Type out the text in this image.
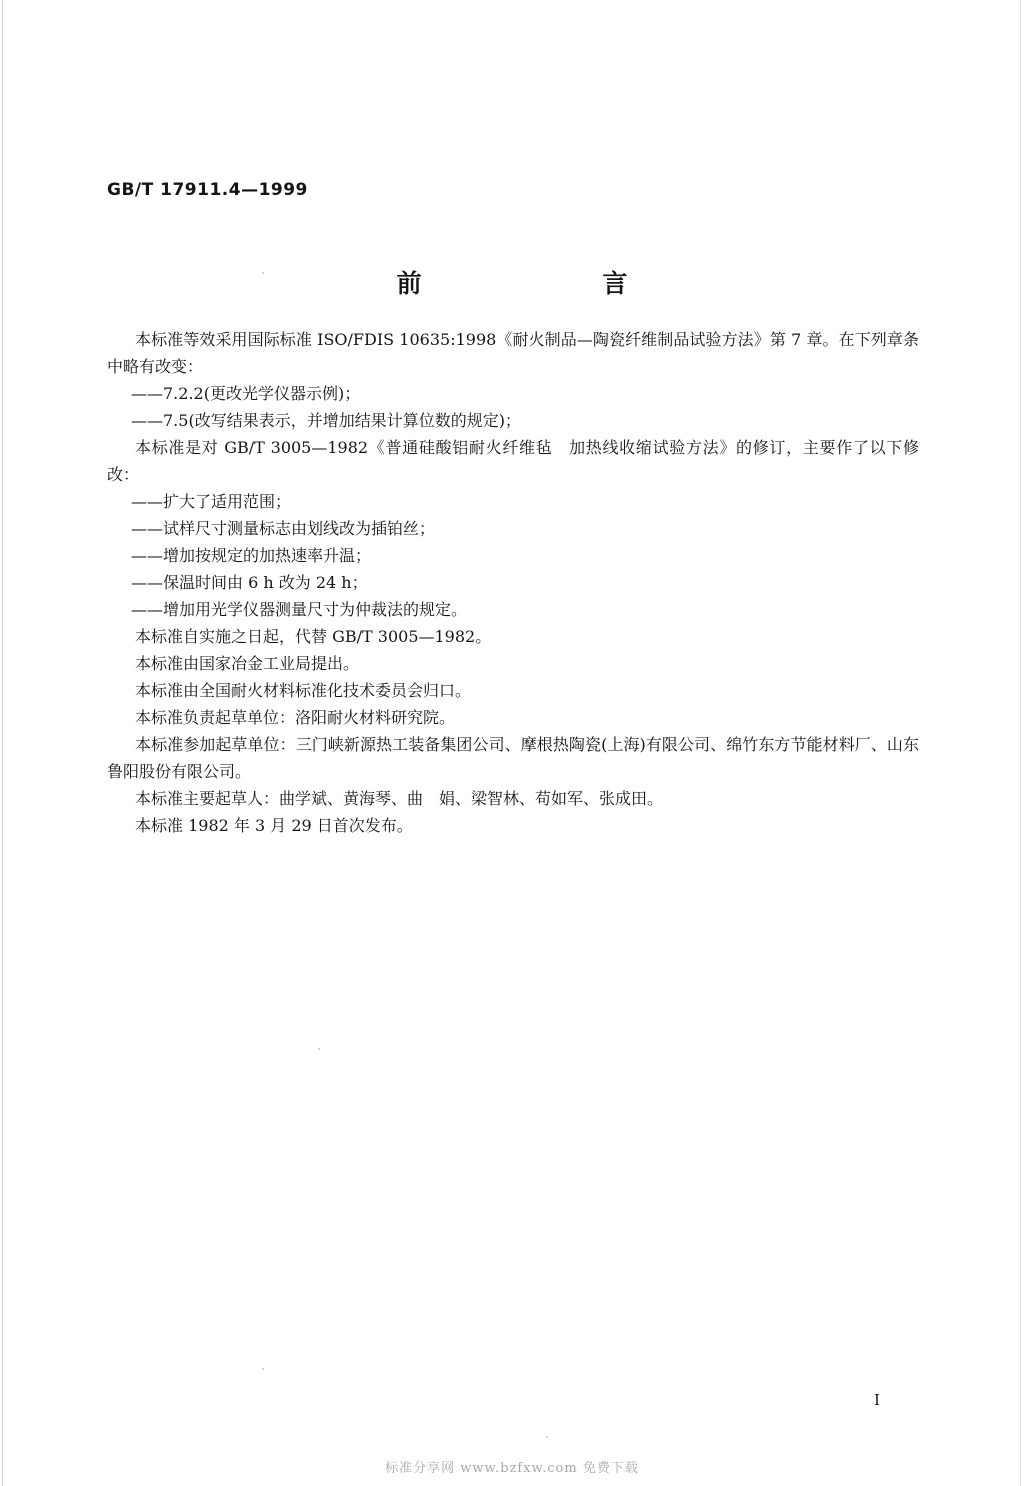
GB/T 17911.4—1999
前 言

本标准等效采用国际标准 ISO/FDIS 10635:1998《耐火制品—陶瓷纤维制品试验方法》第 7 章。在下列章条中略有改变：

——7.2.2(更改光学仪器示例)；

——7.5(改写结果表示，并增加结果计算位数的规定)；

本标准是对 GB/T 3005—1982《普通硅酸铝耐火纤维毡　加热线收缩试验方法》的修订，主要作了以下修改：

——扩大了适用范围；

——试样尺寸测量标志由划线改为插铂丝；

——增加按规定的加热速率升温；

——保温时间由 6 h 改为 24 h；

——增加用光学仪器测量尺寸为仲裁法的规定。

本标准自实施之日起，代替 GB/T 3005—1982。

本标准由国家冶金工业局提出。

本标准由全国耐火材料标准化技术委员会归口。

本标准负责起草单位：洛阳耐火材料研究院。

本标准参加起草单位：三门峡新源热工装备集团公司、摩根热陶瓷(上海)有限公司、绵竹东方节能材料厂、山东鲁阳股份有限公司。

本标准主要起草人：曲学斌、黄海琴、曲　娟、梁智林、苟如军、张成田。

本标准 1982 年 3 月 29 日首次发布。

I
标准分享网 www.bzfxw.com 免费下载
